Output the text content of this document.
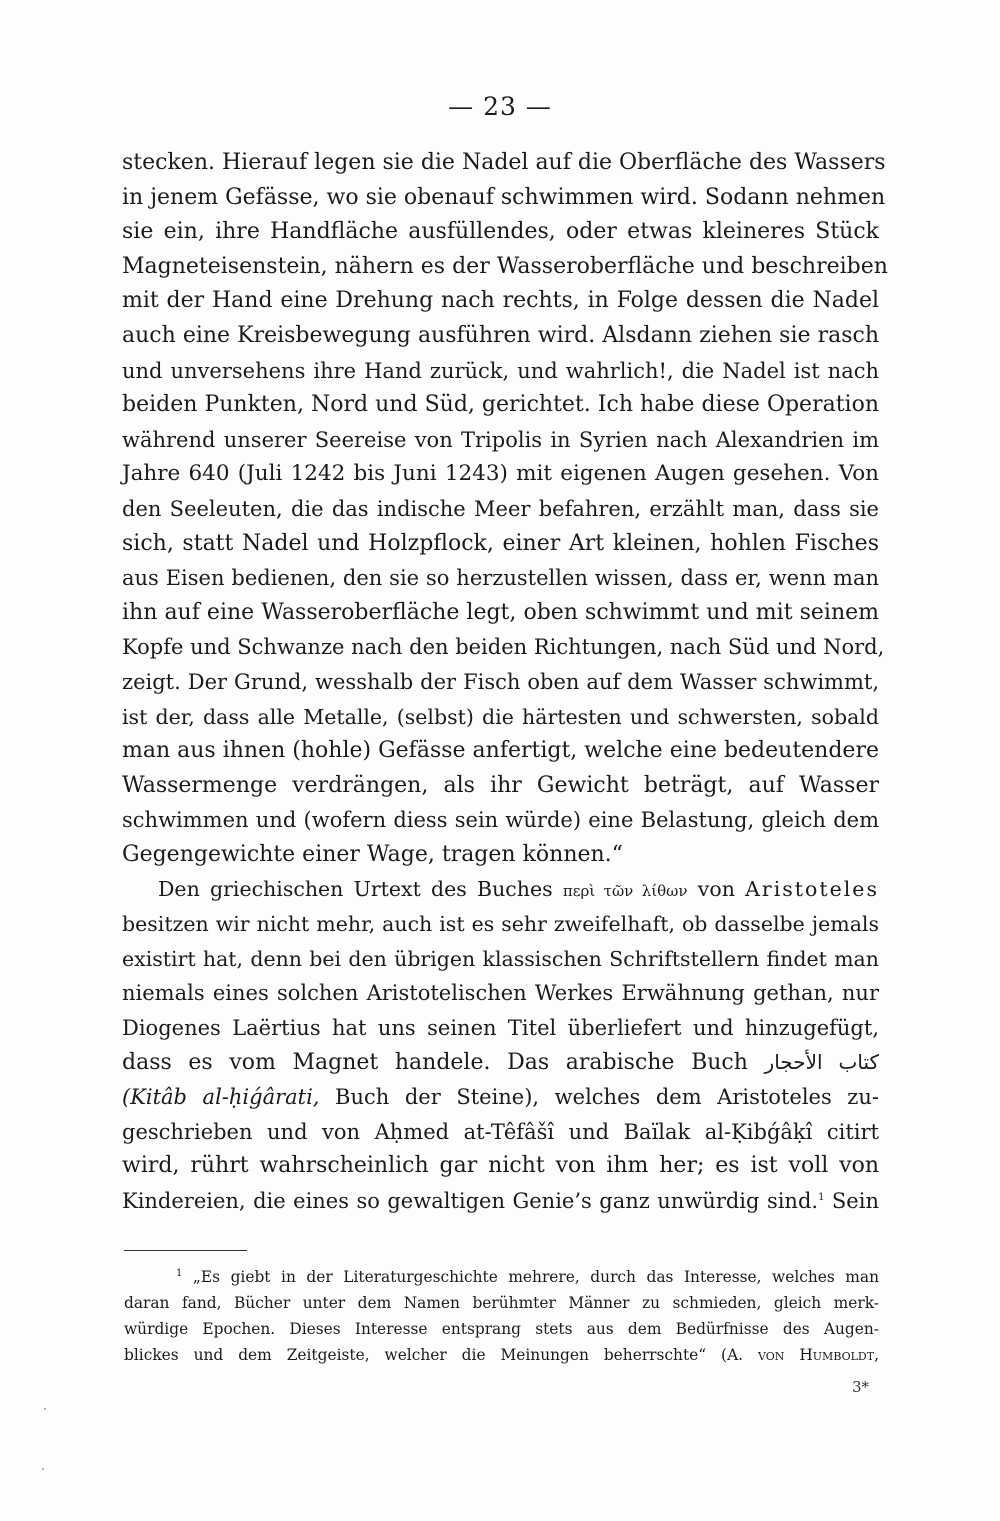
— 23 —
stecken. Hierauf legen sie die Nadel auf die Oberfläche des Wassers
in jenem Gefässe, wo sie obenauf schwimmen wird. Sodann nehmen
sie ein, ihre Handfläche ausfüllendes, oder etwas kleineres Stück
Magneteisenstein, nähern es der Wasseroberfläche und beschreiben
mit der Hand eine Drehung nach rechts, in Folge dessen die Nadel
auch eine Kreisbewegung ausführen wird. Alsdann ziehen sie rasch
und unversehens ihre Hand zurück, und wahrlich!, die Nadel ist nach
beiden Punkten, Nord und Süd, gerichtet. Ich habe diese Operation
während unserer Seereise von Tripolis in Syrien nach Alexandrien im
Jahre 640 (Juli 1242 bis Juni 1243) mit eigenen Augen gesehen. Von
den Seeleuten, die das indische Meer befahren, erzählt man, dass sie
sich, statt Nadel und Holzpflock, einer Art kleinen, hohlen Fisches
aus Eisen bedienen, den sie so herzustellen wissen, dass er, wenn man
ihn auf eine Wasseroberfläche legt, oben schwimmt und mit seinem
Kopfe und Schwanze nach den beiden Richtungen, nach Süd und Nord,
zeigt. Der Grund, wesshalb der Fisch oben auf dem Wasser schwimmt,
ist der, dass alle Metalle, (selbst) die härtesten und schwersten, sobald
man aus ihnen (hohle) Gefässe anfertigt, welche eine bedeutendere
Wassermenge verdrängen, als ihr Gewicht beträgt, auf Wasser
schwimmen und (wofern diess sein würde) eine Belastung, gleich dem
Gegengewichte einer Wage, tragen können.“
Den griechischen Urtext des Buches περὶ τῶν λίθων von Aristoteles
besitzen wir nicht mehr, auch ist es sehr zweifelhaft, ob dasselbe jemals
existirt hat, denn bei den übrigen klassischen Schriftstellern findet man
niemals eines solchen Aristotelischen Werkes Erwähnung gethan, nur
Diogenes Laërtius hat uns seinen Titel überliefert und hinzugefügt,
dass es vom Magnet handele. Das arabische Buch كتاب الأحجار
(Kitâb al-ḥiǵârati, Buch der Steine), welches dem Aristoteles zu-
geschrieben und von Aḥmed at-Têfâšî und Baïlak al-Ḳibǵâḳî citirt
wird, rührt wahrscheinlich gar nicht von ihm her; es ist voll von
Kindereien, die eines so gewaltigen Genie’s ganz unwürdig sind.$^1$ Sein
$^1$ „Es giebt in der Literaturgeschichte mehrere, durch das Interesse, welches man
daran fand, Bücher unter dem Namen berühmter Männer zu schmieden, gleich merk-
würdige Epochen. Dieses Interesse entsprang stets aus dem Bedürfnisse des Augen-
blickes und dem Zeitgeiste, welcher die Meinungen beherrschte“ (A. von Humboldt,
3*
